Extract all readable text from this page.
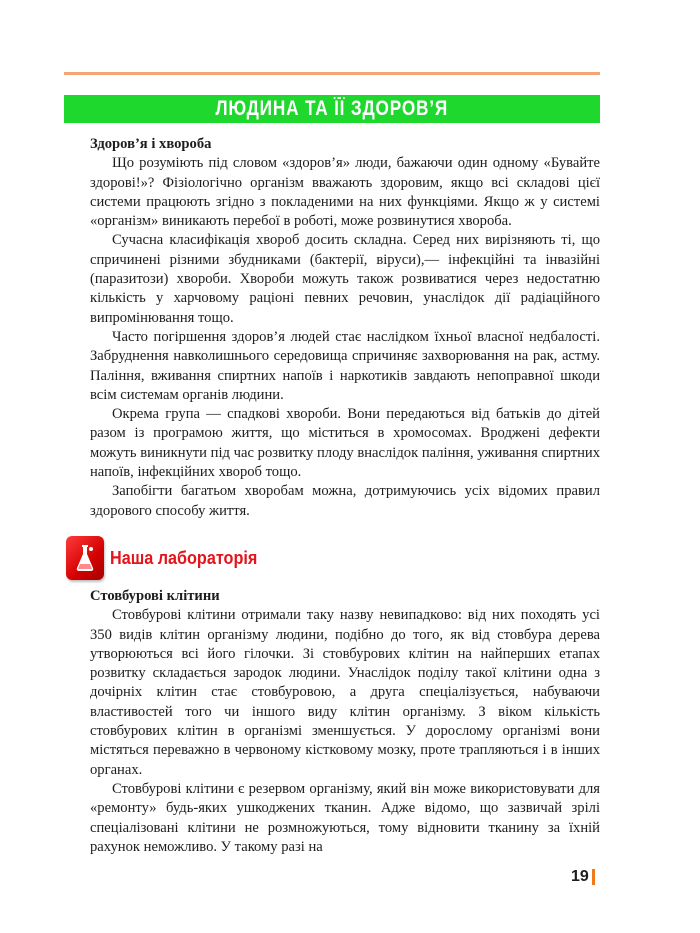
ЛЮДИНА ТА ЇЇ ЗДОРОВ’Я

Здоров’я і хвороба

Що розуміють під словом «здоров’я» люди, бажаючи один одному «Бувайте здорові!»? Фізіологічно організм вважають здоровим, якщо всі складові цієї системи працюють згідно з покладеними на них функціями. Якщо ж у системі «організм» виникають перебої в роботі, може розвинутися хвороба.

Сучасна класифікація хвороб досить складна. Серед них вирізняють ті, що спричинені різними збудниками (бактерії, віруси),— інфекційні та інвазійні (паразитози) хвороби. Хвороби можуть також розвиватися через недостатню кількість у харчовому раціоні певних речовин, унаслідок дії радіаційного випромінювання тощо.

Часто погіршення здоров’я людей стає наслідком їхньої власної недбалості. Забруднення навколишнього середовища спричиняє захворювання на рак, астму. Паління, вживання спиртних напоїв і наркотиків завдають непоправної шкоди всім системам органів людини.

Окрема група — спадкові хвороби. Вони передаються від батьків до дітей разом із програмою життя, що міститься в хромосомах. Вроджені дефекти можуть виникнути під час розвитку плоду внаслідок паління, уживання спиртних напоїв, інфекційних хвороб тощо.

Запобігти багатьом хворобам можна, дотримуючись усіх відомих правил здорового способу життя.

Наша лабораторія

Стовбурові клітини

Стовбурові клітини отримали таку назву невипадково: від них походять усі 350 видів клітин організму людини, подібно до того, як від стовбура дерева утворюються всі його гілочки. Зі стовбурових клітин на найперших етапах розвитку складається зародок людини. Унаслідок поділу такої клітини одна з дочірніх клітин стає стовбуровою, а друга спеціалізується, набуваючи властивостей того чи іншого виду клітин організму. З віком кількість стовбурових клітин в організмі зменшується. У дорослому організмі вони містяться переважно в червоному кістковому мозку, проте трапляються і в інших органах.

Стовбурові клітини є резервом організму, який він може використовувати для «ремонту» будь-яких ушкоджених тканин. Адже відомо, що зазвичай зрілі спеціалізовані клітини не розмножуються, тому відновити тканину за їхній рахунок неможливо. У такому разі на

19
